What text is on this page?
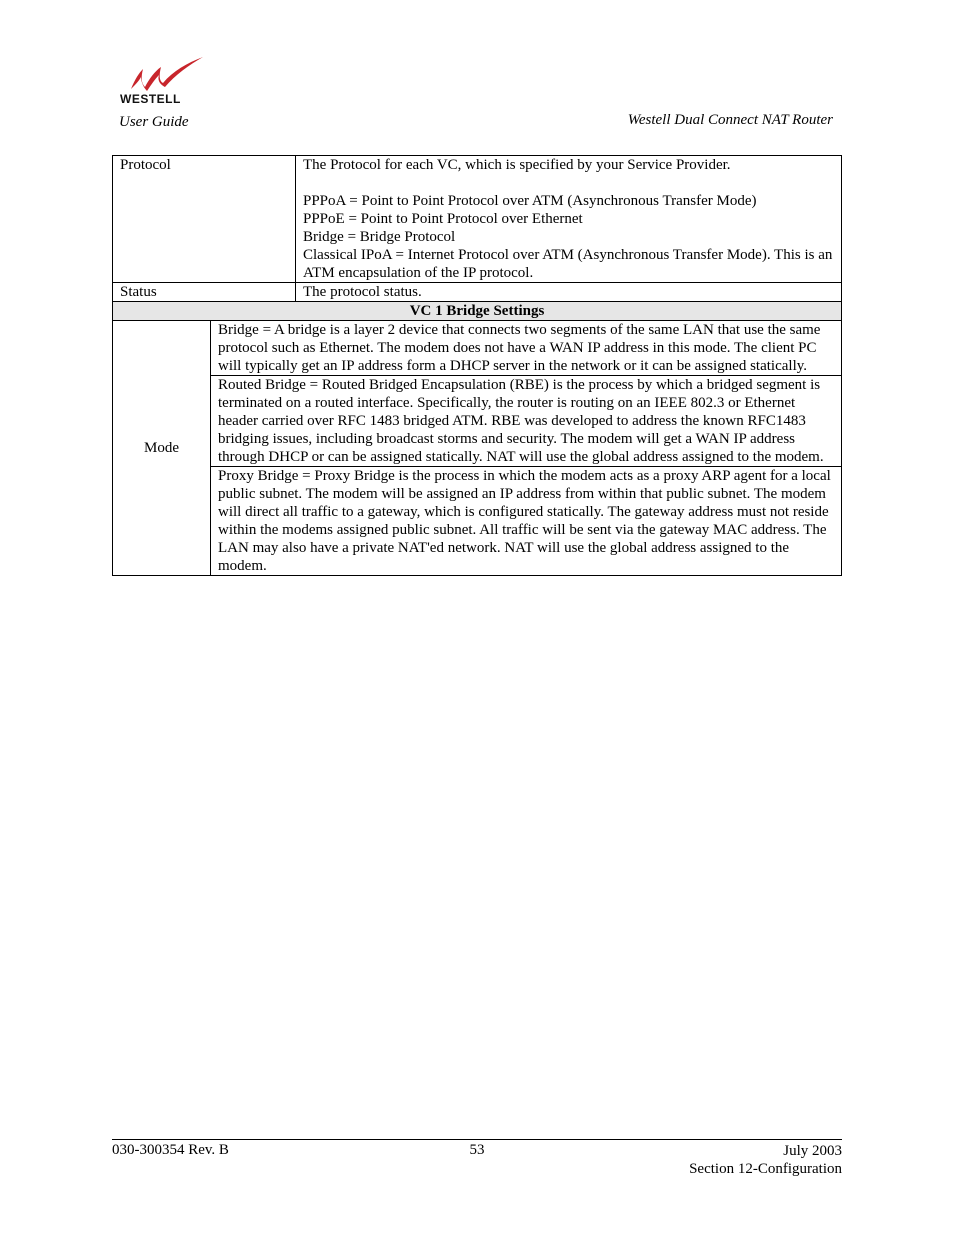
WESTELL
User Guide	Westell Dual Connect NAT Router
Protocol		The Protocol for each VC, which is specified by your Service Provider.
PPPoA = Point to Point Protocol over ATM (Asynchronous Transfer Mode)
PPPoE = Point to Point Protocol over Ethernet
Bridge = Bridge Protocol
Classical IPoA = Internet Protocol over ATM (Asynchronous Transfer Mode). This is an ATM encapsulation of the IP protocol.

Status		The protocol status.
VC 1 Bridge Settings		
Mode	Bridge = A bridge is a layer 2 device that connects two segments of the same LAN that use the same protocol such as Ethernet. The modem does not have a WAN IP address in this mode. The client PC will typically get an IP address form a DHCP server in the network or it can be assigned statically.	
	Routed Bridge = Routed Bridged Encapsulation (RBE) is the process by which a bridged segment is terminated on a routed interface. Specifically, the router is routing on an IEEE 802.3 or Ethernet header carried over RFC 1483 bridged ATM. RBE was developed to address the known RFC1483 bridging issues, including broadcast storms and security. The modem will get a WAN IP address through DHCP or can be assigned statically. NAT will use the global address assigned to the modem.	
	Proxy Bridge = Proxy Bridge is the process in which the modem acts as a proxy ARP agent for a local public subnet. The modem will be assigned an IP address from within that public subnet. The modem will direct all traffic to a gateway, which is configured statically. The gateway address must not reside within the modems assigned public subnet. All traffic will be sent via the gateway MAC address. The LAN may also have a private NAT'ed network. NAT will use the global address assigned to the modem.	
030-300354 Rev. B	53	July 2003
Section 12-Configuration
